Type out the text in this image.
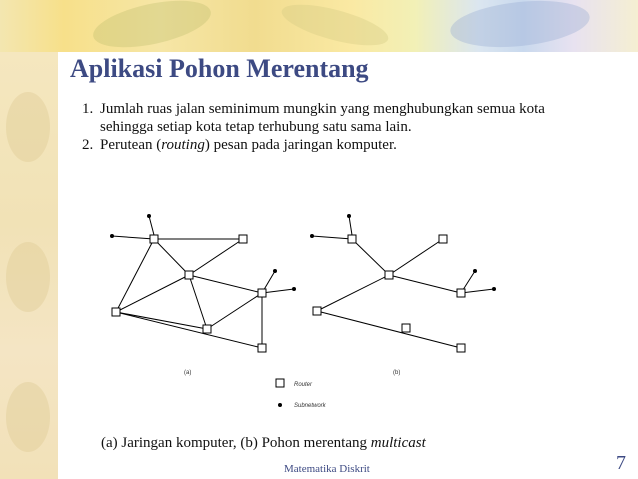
Aplikasi Pohon Merentang
1. Jumlah ruas jalan seminimum mungkin yang menghubungkan semua kota sehingga setiap kota tetap terhubung satu sama lain.
2. Perutean (routing) pesan pada jaringan komputer.
(a)	(b)
Router
Subnetwork
(a) Jaringan komputer, (b) Pohon merentang multicast
Matematika Diskrit	7
